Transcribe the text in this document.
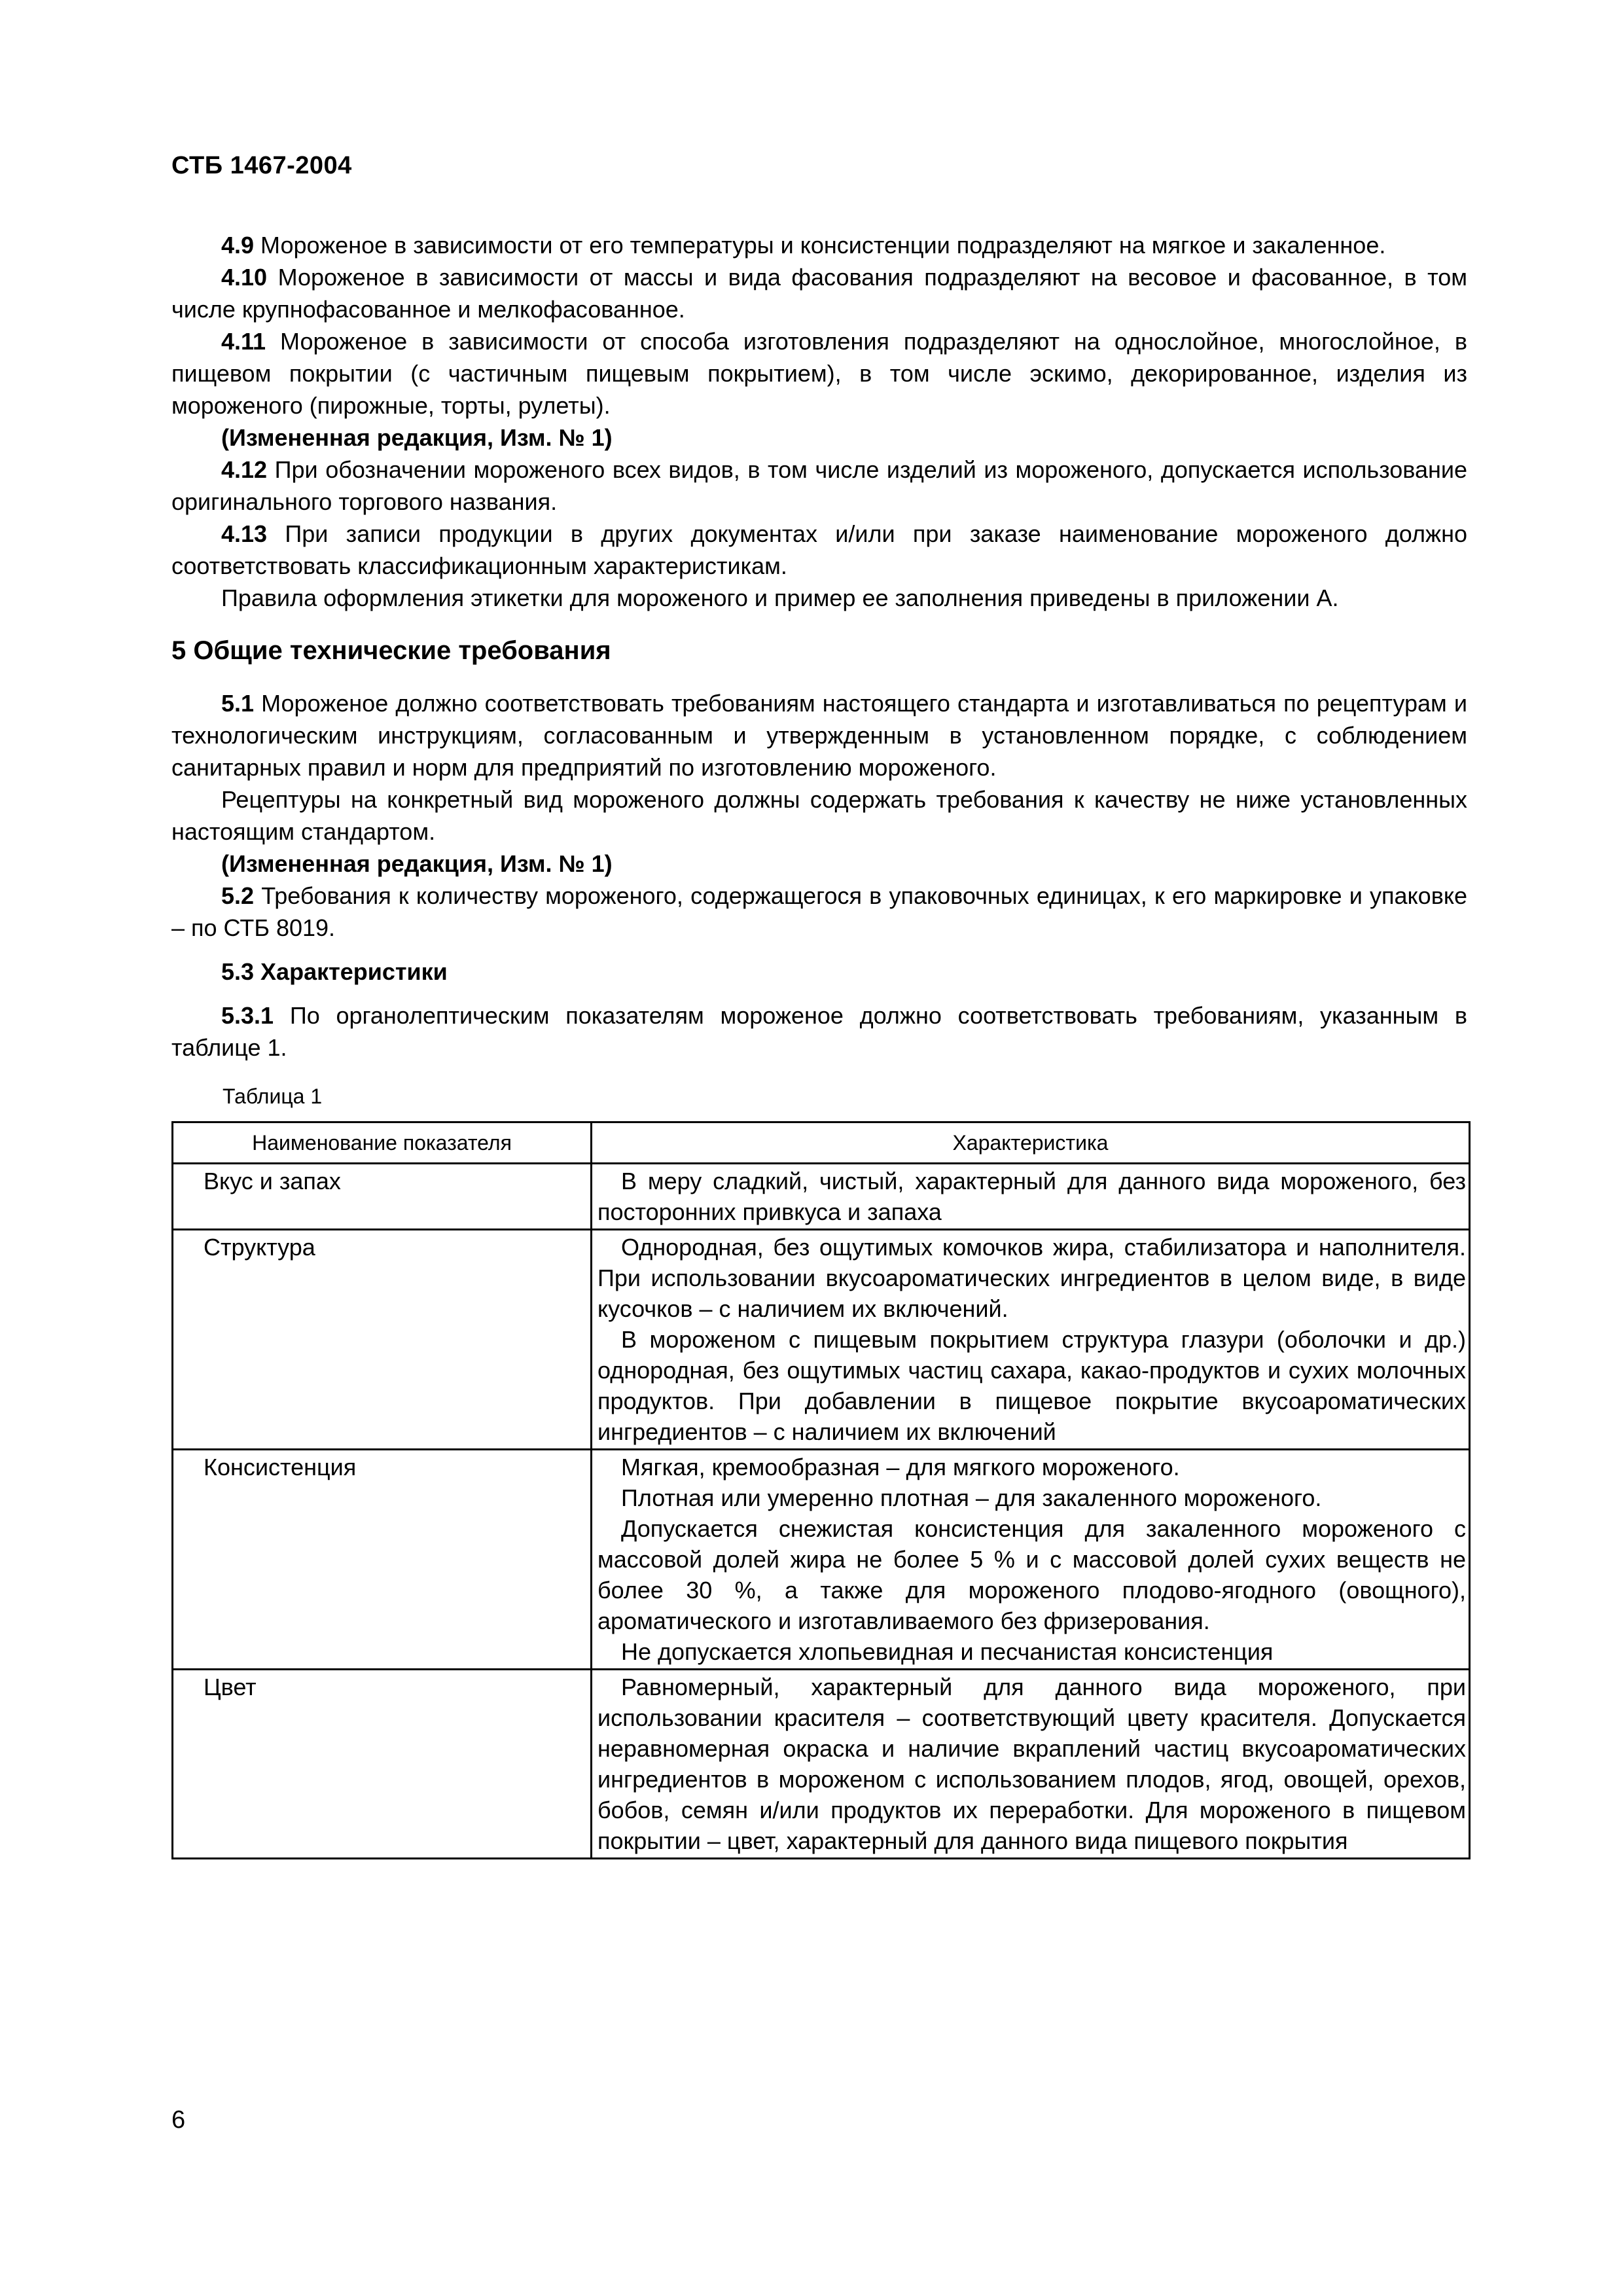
СТБ 1467-2004

4.9 Мороженое в зависимости от его температуры и консистенции подразделяют на мягкое и закаленное.

4.10 Мороженое в зависимости от массы и вида фасования подразделяют на весовое и фасованное, в том числе крупнофасованное и мелкофасованное.

4.11 Мороженое в зависимости от способа изготовления подразделяют на однослойное, многослойное, в пищевом покрытии (с частичным пищевым покрытием), в том числе эскимо, декорированное, изделия из мороженого (пирожные, торты, рулеты).

(Измененная редакция, Изм. № 1)

4.12 При обозначении мороженого всех видов, в том числе изделий из мороженого, допускается использование оригинального торгового названия.

4.13 При записи продукции в других документах и/или при заказе наименование мороженого должно соответствовать классификационным характеристикам.

Правила оформления этикетки для мороженого и пример ее заполнения приведены в приложении А.

5 Общие технические требования

5.1 Мороженое должно соответствовать требованиям настоящего стандарта и изготавливаться по рецептурам и технологическим инструкциям, согласованным и утвержденным в установленном порядке, с соблюдением санитарных правил и норм для предприятий по изготовлению мороженого.

Рецептуры на конкретный вид мороженого должны содержать требования к качеству не ниже установленных настоящим стандартом.

(Измененная редакция, Изм. № 1)

5.2 Требования к количеству мороженого, содержащегося в упаковочных единицах, к его маркировке и упаковке – по СТБ 8019.

5.3 Характеристики

5.3.1 По органолептическим показателям мороженое должно соответствовать требованиям, указанным в таблице 1.

Таблица 1
Наименование показателя	Характеристика
Вкус и запах	В меру сладкий, чистый, характерный для данного вида мороженого, без посторонних привкуса и запаха

Структура	Однородная, без ощутимых комочков жира, стабилизатора и наполнителя. При использовании вкусоароматических ингредиентов в целом виде, в виде кусочков – с наличием их включений.

В мороженом с пищевым покрытием структура глазури (оболочки и др.) однородная, без ощутимых частиц сахара, какао-продуктов и сухих молочных продуктов. При добавлении в пищевое покрытие вкусоароматических ингредиентов – с наличием их включений

Консистенция	Мягкая, кремообразная – для мягкого мороженого.

Плотная или умеренно плотная – для закаленного мороженого.

Допускается снежистая консистенция для закаленного мороженого с массовой долей жира не более 5 % и с массовой долей сухих веществ не более 30 %, а также для мороженого плодово-ягодного (овощного), ароматического и изготавливаемого без фризерования.

Не допускается хлопьевидная и песчанистая консистенция

Цвет	Равномерный, характерный для данного вида мороженого, при использовании красителя – соответствующий цвету красителя. Допускается неравномерная окраска и наличие вкраплений частиц вкусоароматических ингредиентов в мороженом с использованием плодов, ягод, овощей, орехов, бобов, семян и/или продуктов их переработки. Для мороженого в пищевом покрытии – цвет, характерный для данного вида пищевого покрытия

6
